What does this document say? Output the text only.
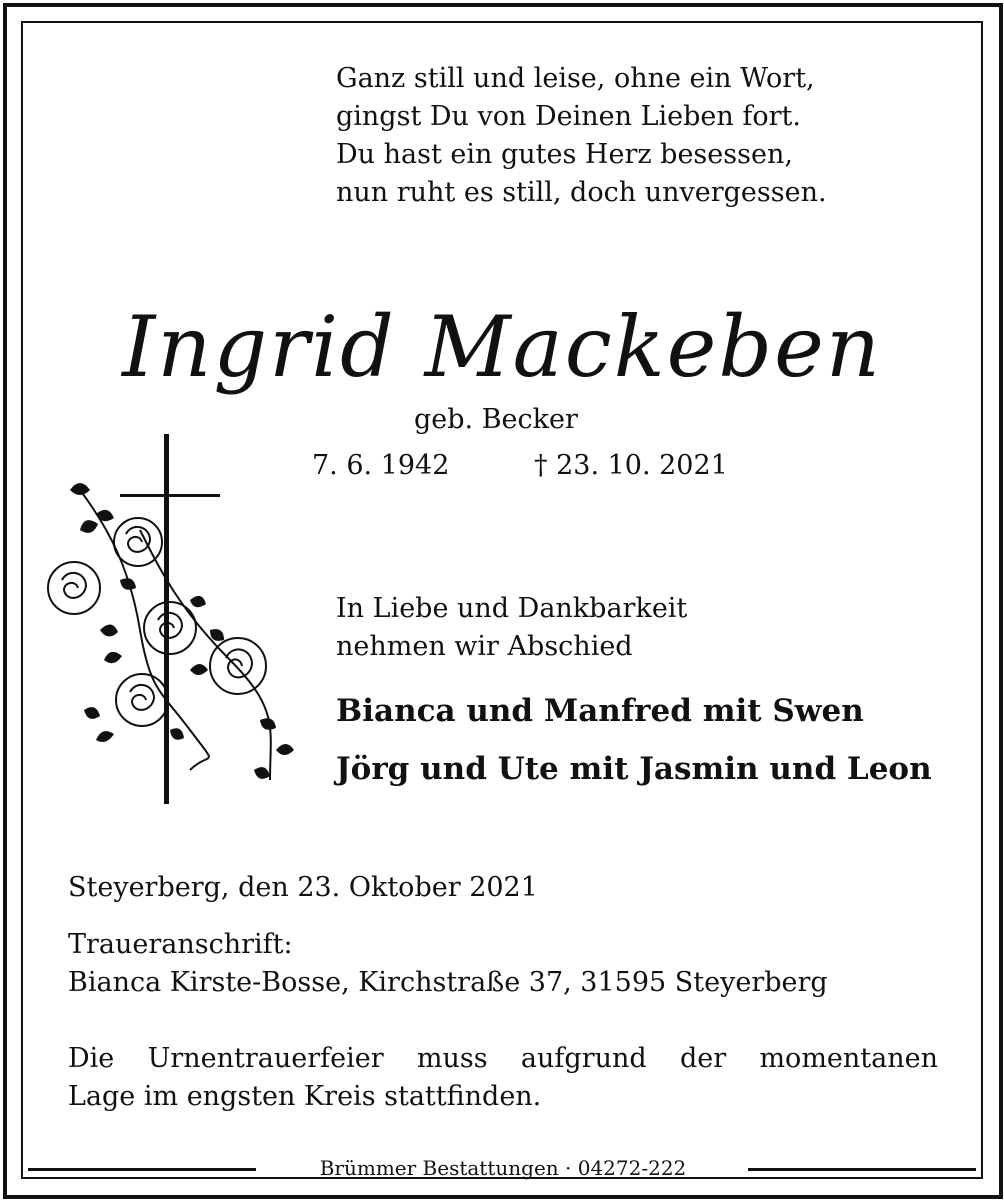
Ganz still und leise, ohne ein Wort,
gingst Du von Deinen Lieben fort.
Du hast ein gutes Herz besessen,
nun ruht es still, doch unvergessen.
Ingrid Mackeben
geb. Becker
7. 6. 1942	† 23. 10. 2021
In Liebe und Dankbarkeit
nehmen wir Abschied
Bianca und Manfred mit Swen
Jörg und Ute mit Jasmin und Leon
Steyerberg, den 23. Oktober 2021
Traueranschrift:
Bianca Kirste-Bosse, Kirchstraße 37, 31595 Steyerberg
Die Urnentrauerfeier muss aufgrund der momentanen
Lage im engsten Kreis stattfinden.
Brümmer Bestattungen · 04272-222
